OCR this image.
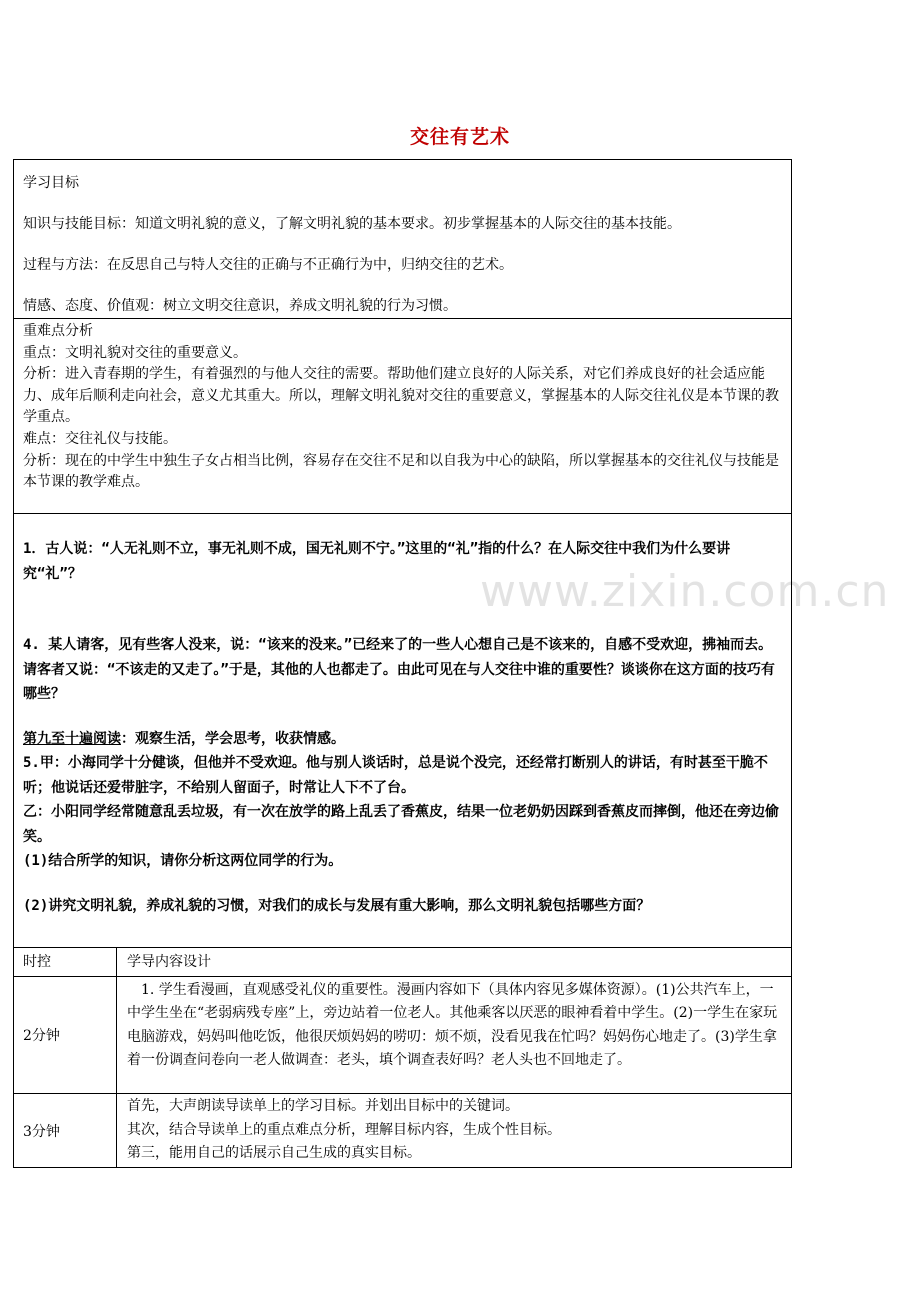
交往有艺术
www.zixin.com.cn

学习目标

知识与技能目标：知道文明礼貌的意义，了解文明礼貌的基本要求。初步掌握基本的人际交往的基本技能。

过程与方法：在反思自己与特人交往的正确与不正确行为中，归纳交往的艺术。

情感、态度、价值观：树立文明交往意识，养成文明礼貌的行为习惯。

重难点分析

重点：文明礼貌对交往的重要意义。

分析：进入青春期的学生，有着强烈的与他人交往的需要。帮助他们建立良好的人际关系，对它们养成良好的社会适应能力、成年后顺利走向社会，意义尤其重大。所以，理解文明礼貌对交往的重要意义，掌握基本的人际交往礼仪是本节课的教学重点。

难点：交往礼仪与技能。

分析：现在的中学生中独生子女占相当比例，容易存在交往不足和以自我为中心的缺陷，所以掌握基本的交往礼仪与技能是本节课的教学难点。

1．古人说：“人无礼则不立，事无礼则不成，国无礼则不宁。”这里的“礼”指的什么？在人际交往中我们为什么要讲究“礼”？

4. 某人请客，见有些客人没来，说：“该来的没来。”已经来了的一些人心想自己是不该来的，自感不受欢迎，拂袖而去。请客者又说：“不该走的又走了。”于是，其他的人也都走了。由此可见在与人交往中谁的重要性？谈谈你在这方面的技巧有哪些？

第九至十遍阅读：观察生活，学会思考，收获情感。

5.甲：小海同学十分健谈，但他并不受欢迎。他与别人谈话时，总是说个没完，还经常打断别人的讲话，有时甚至干脆不听；他说话还爱带脏字，不给别人留面子，时常让人下不了台。

乙：小阳同学经常随意乱丢垃圾，有一次在放学的路上乱丢了香蕉皮，结果一位老奶奶因踩到香蕉皮而摔倒，他还在旁边偷笑。

(1)结合所学的知识，请你分析这两位同学的行为。

(2)讲究文明礼貌，养成礼貌的习惯，对我们的成长与发展有重大影响，那么文明礼貌包括哪些方面？

时控	学导内容设计
2分钟

　1. 学生看漫画，直观感受礼仪的重要性。漫画内容如下（具体内容见多媒体资源）。(1)公共汽车上，一中学生坐在“老弱病残专座”上，旁边站着一位老人。其他乘客以厌恶的眼神看着中学生。(2)一学生在家玩电脑游戏，妈妈叫他吃饭，他很厌烦妈妈的唠叨：烦不烦，没看见我在忙吗？妈妈伤心地走了。(3)学生拿着一份调查问卷向一老人做调查：老头，填个调查表好吗？老人头也不回地走了。

3分钟

首先，大声朗读导读单上的学习目标。并划出目标中的关键词。

其次，结合导读单上的重点难点分析，理解目标内容，生成个性目标。

第三，能用自己的话展示自己生成的真实目标。
